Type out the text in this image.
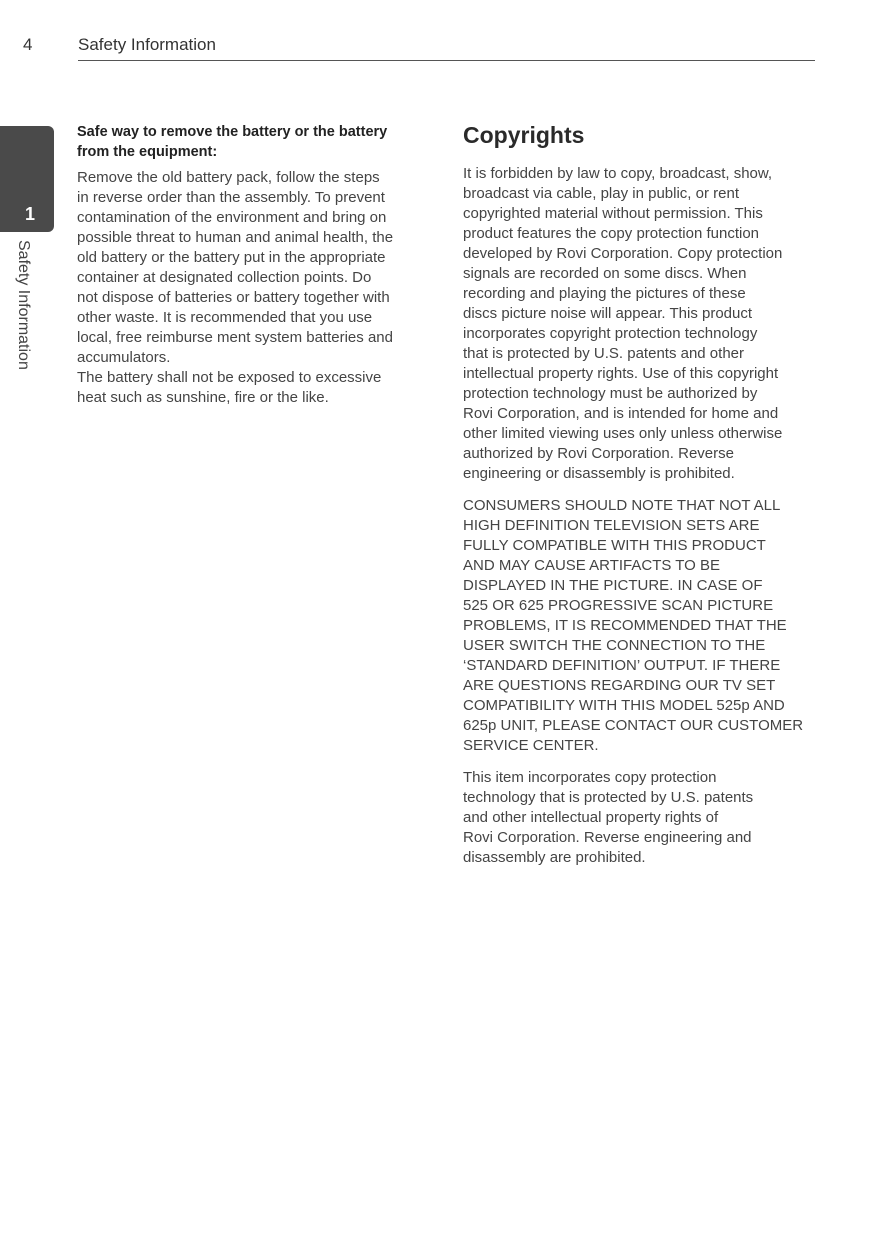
4	Safety Information
1
Safety Information
Safe way to remove the battery or the battery
from the equipment:

Remove the old battery pack, follow the steps
in reverse order than the assembly. To prevent
contamination of the environment and bring on
possible threat to human and animal health, the
old battery or the battery put in the appropriate
container at designated collection points. Do
not dispose of batteries or battery together with
other waste. It is recommended that you use
local, free reimburse ment system batteries and
accumulators.
The battery shall not be exposed to excessive
heat such as sunshine, fire or the like.

Copyrights

It is forbidden by law to copy, broadcast, show,
broadcast via cable, play in public, or rent
copyrighted material without permission. This
product features the copy protection function
developed by Rovi Corporation. Copy protection
signals are recorded on some discs. When
recording and playing the pictures of these
discs picture noise will appear. This product
incorporates copyright protection technology
that is protected by U.S. patents and other
intellectual property rights. Use of this copyright
protection technology must be authorized by
Rovi Corporation, and is intended for home and
other limited viewing uses only unless otherwise
authorized by Rovi Corporation. Reverse
engineering or disassembly is prohibited.

CONSUMERS SHOULD NOTE THAT NOT ALL
HIGH DEFINITION TELEVISION SETS ARE
FULLY COMPATIBLE WITH THIS PRODUCT
AND MAY CAUSE ARTIFACTS TO BE
DISPLAYED IN THE PICTURE. IN CASE OF
525 OR 625 PROGRESSIVE SCAN PICTURE
PROBLEMS, IT IS RECOMMENDED THAT THE
USER SWITCH THE CONNECTION TO THE
‘STANDARD DEFINITION’ OUTPUT. IF THERE
ARE QUESTIONS REGARDING OUR TV SET
COMPATIBILITY WITH THIS MODEL 525p AND
625p UNIT, PLEASE CONTACT OUR CUSTOMER
SERVICE CENTER.

This item incorporates copy protection
technology that is protected by U.S. patents
and other intellectual property rights of
Rovi Corporation. Reverse engineering and
disassembly are prohibited.
